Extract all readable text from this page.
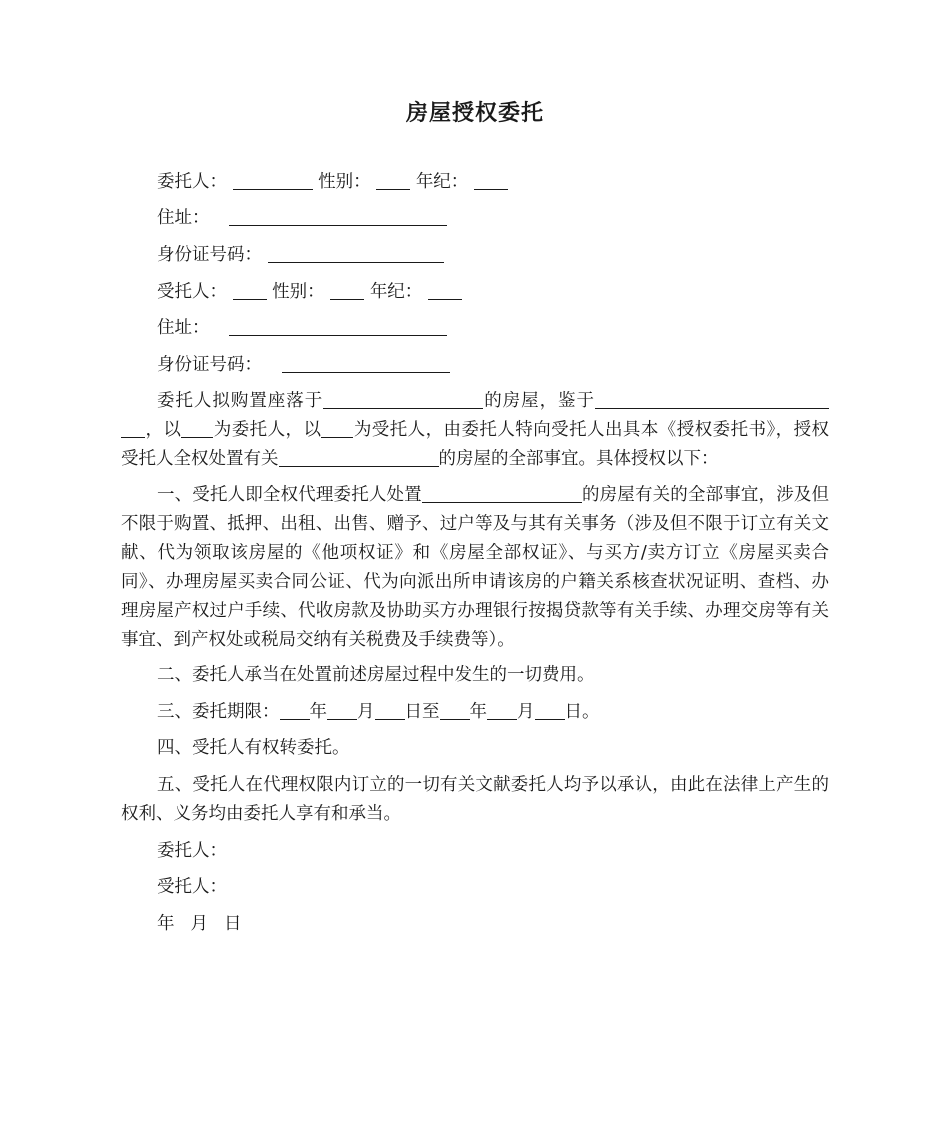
房屋授权委托
委托人：	性别：	年纪：
住址：
身份证号码：
受托人：	性别：	年纪：
住址：
身份证号码：
委托人拟购置座落于	的房屋，鉴于，以 为委托人，以 为受托人，由委托人特向受托人出具本《授权委托书》，授权受托人全权处置有关	的房屋的全部事宜。具体授权以下：
一、受托人即全权代理委托人处置	的房屋有关的全部事宜，涉及但不限于购置、抵押、出租、出售、赠予、过户等及与其有关事务（涉及但不限于订立有关文献、代为领取该房屋的《他项权证》和《房屋全部权证》、与买方/卖方订立《房屋买卖合同》、办理房屋买卖合同公证、代为向派出所申请该房的户籍关系核查状况证明、查档、办理房屋产权过户手续、代收房款及协助买方办理银行按揭贷款等有关手续、办理交房等有关事宜、到产权处或税局交纳有关税费及手续费等）。
二、委托人承当在处置前述房屋过程中发生的一切费用。
三、委托期限： 年 月 日至 年 月 日。
四、受托人有权转委托。
五、受托人在代理权限内订立的一切有关文献委托人均予以承认，由此在法律上产生的权利、义务均由委托人享有和承当。
委托人：
受托人：
年 月 日
